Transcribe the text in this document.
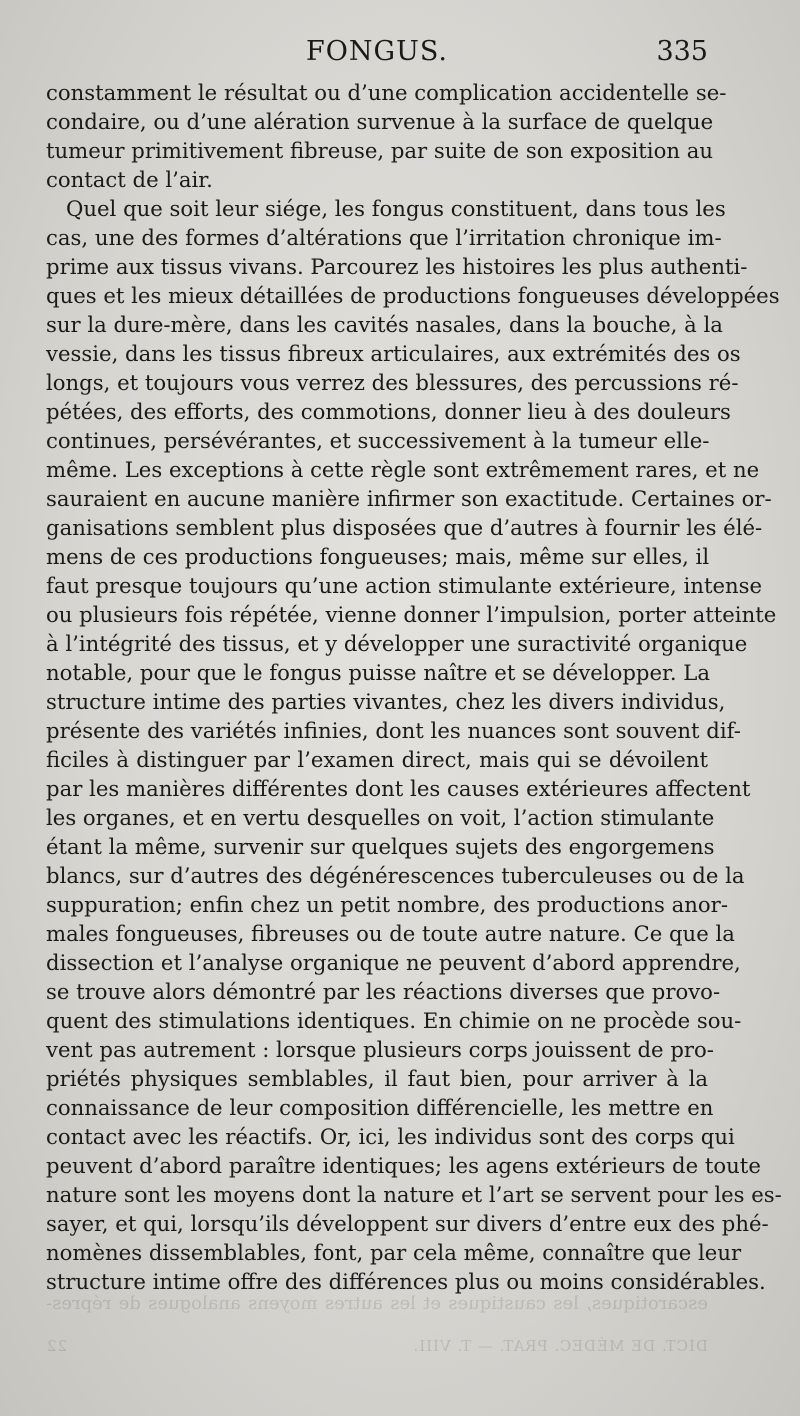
FONGUS.	335
constamment le résultat ou d’une complication accidentelle se-
condaire, ou d’une alération survenue à la surface de quelque
tumeur primitivement fibreuse, par suite de son exposition au
contact de l’air.
Quel que soit leur siége, les fongus constituent, dans tous les
cas, une des formes d’altérations que l’irritation chronique im-
prime aux tissus vivans. Parcourez les histoires les plus authenti-
ques et les mieux détaillées de productions fongueuses développées
sur la dure-mère, dans les cavités nasales, dans la bouche, à la
vessie, dans les tissus fibreux articulaires, aux extrémités des os
longs, et toujours vous verrez des blessures, des percussions ré-
pétées, des efforts, des commotions, donner lieu à des douleurs
continues, persévérantes, et successivement à la tumeur elle-
même. Les exceptions à cette règle sont extrêmement rares, et ne
sauraient en aucune manière infirmer son exactitude. Certaines or-
ganisations semblent plus disposées que d’autres à fournir les élé-
mens de ces productions fongueuses; mais, même sur elles, il
faut presque toujours qu’une action stimulante extérieure, intense
ou plusieurs fois répétée, vienne donner l’impulsion, porter atteinte
à l’intégrité des tissus, et y développer une suractivité organique
notable, pour que le fongus puisse naître et se développer. La
structure intime des parties vivantes, chez les divers individus,
présente des variétés infinies, dont les nuances sont souvent dif-
ficiles à distinguer par l’examen direct, mais qui se dévoilent
par les manières différentes dont les causes extérieures affectent
les organes, et en vertu desquelles on voit, l’action stimulante
étant la même, survenir sur quelques sujets des engorgemens
blancs, sur d’autres des dégénérescences tuberculeuses ou de la
suppuration; enfin chez un petit nombre, des productions anor-
males fongueuses, fibreuses ou de toute autre nature. Ce que la
dissection et l’analyse organique ne peuvent d’abord apprendre,
se trouve alors démontré par les réactions diverses que provo-
quent des stimulations identiques. En chimie on ne procède sou-
vent pas autrement : lorsque plusieurs corps jouissent de pro-
priétés physiques semblables, il faut bien, pour arriver à la
connaissance de leur composition différencielle, les mettre en
contact avec les réactifs. Or, ici, les individus sont des corps qui
peuvent d’abord paraître identiques; les agens extérieurs de toute
nature sont les moyens dont la nature et l’art se servent pour les es-
sayer, et qui, lorsqu’ils développent sur divers d’entre eux des phé-
nomènes dissemblables, font, par cela même, connaître que leur
structure intime offre des différences plus ou moins considérables.
escarotiques, les caustiques et les autres moyens analogues de répres-
DICT. DE MÉDEC. PRAT. — T. VIII.
22
